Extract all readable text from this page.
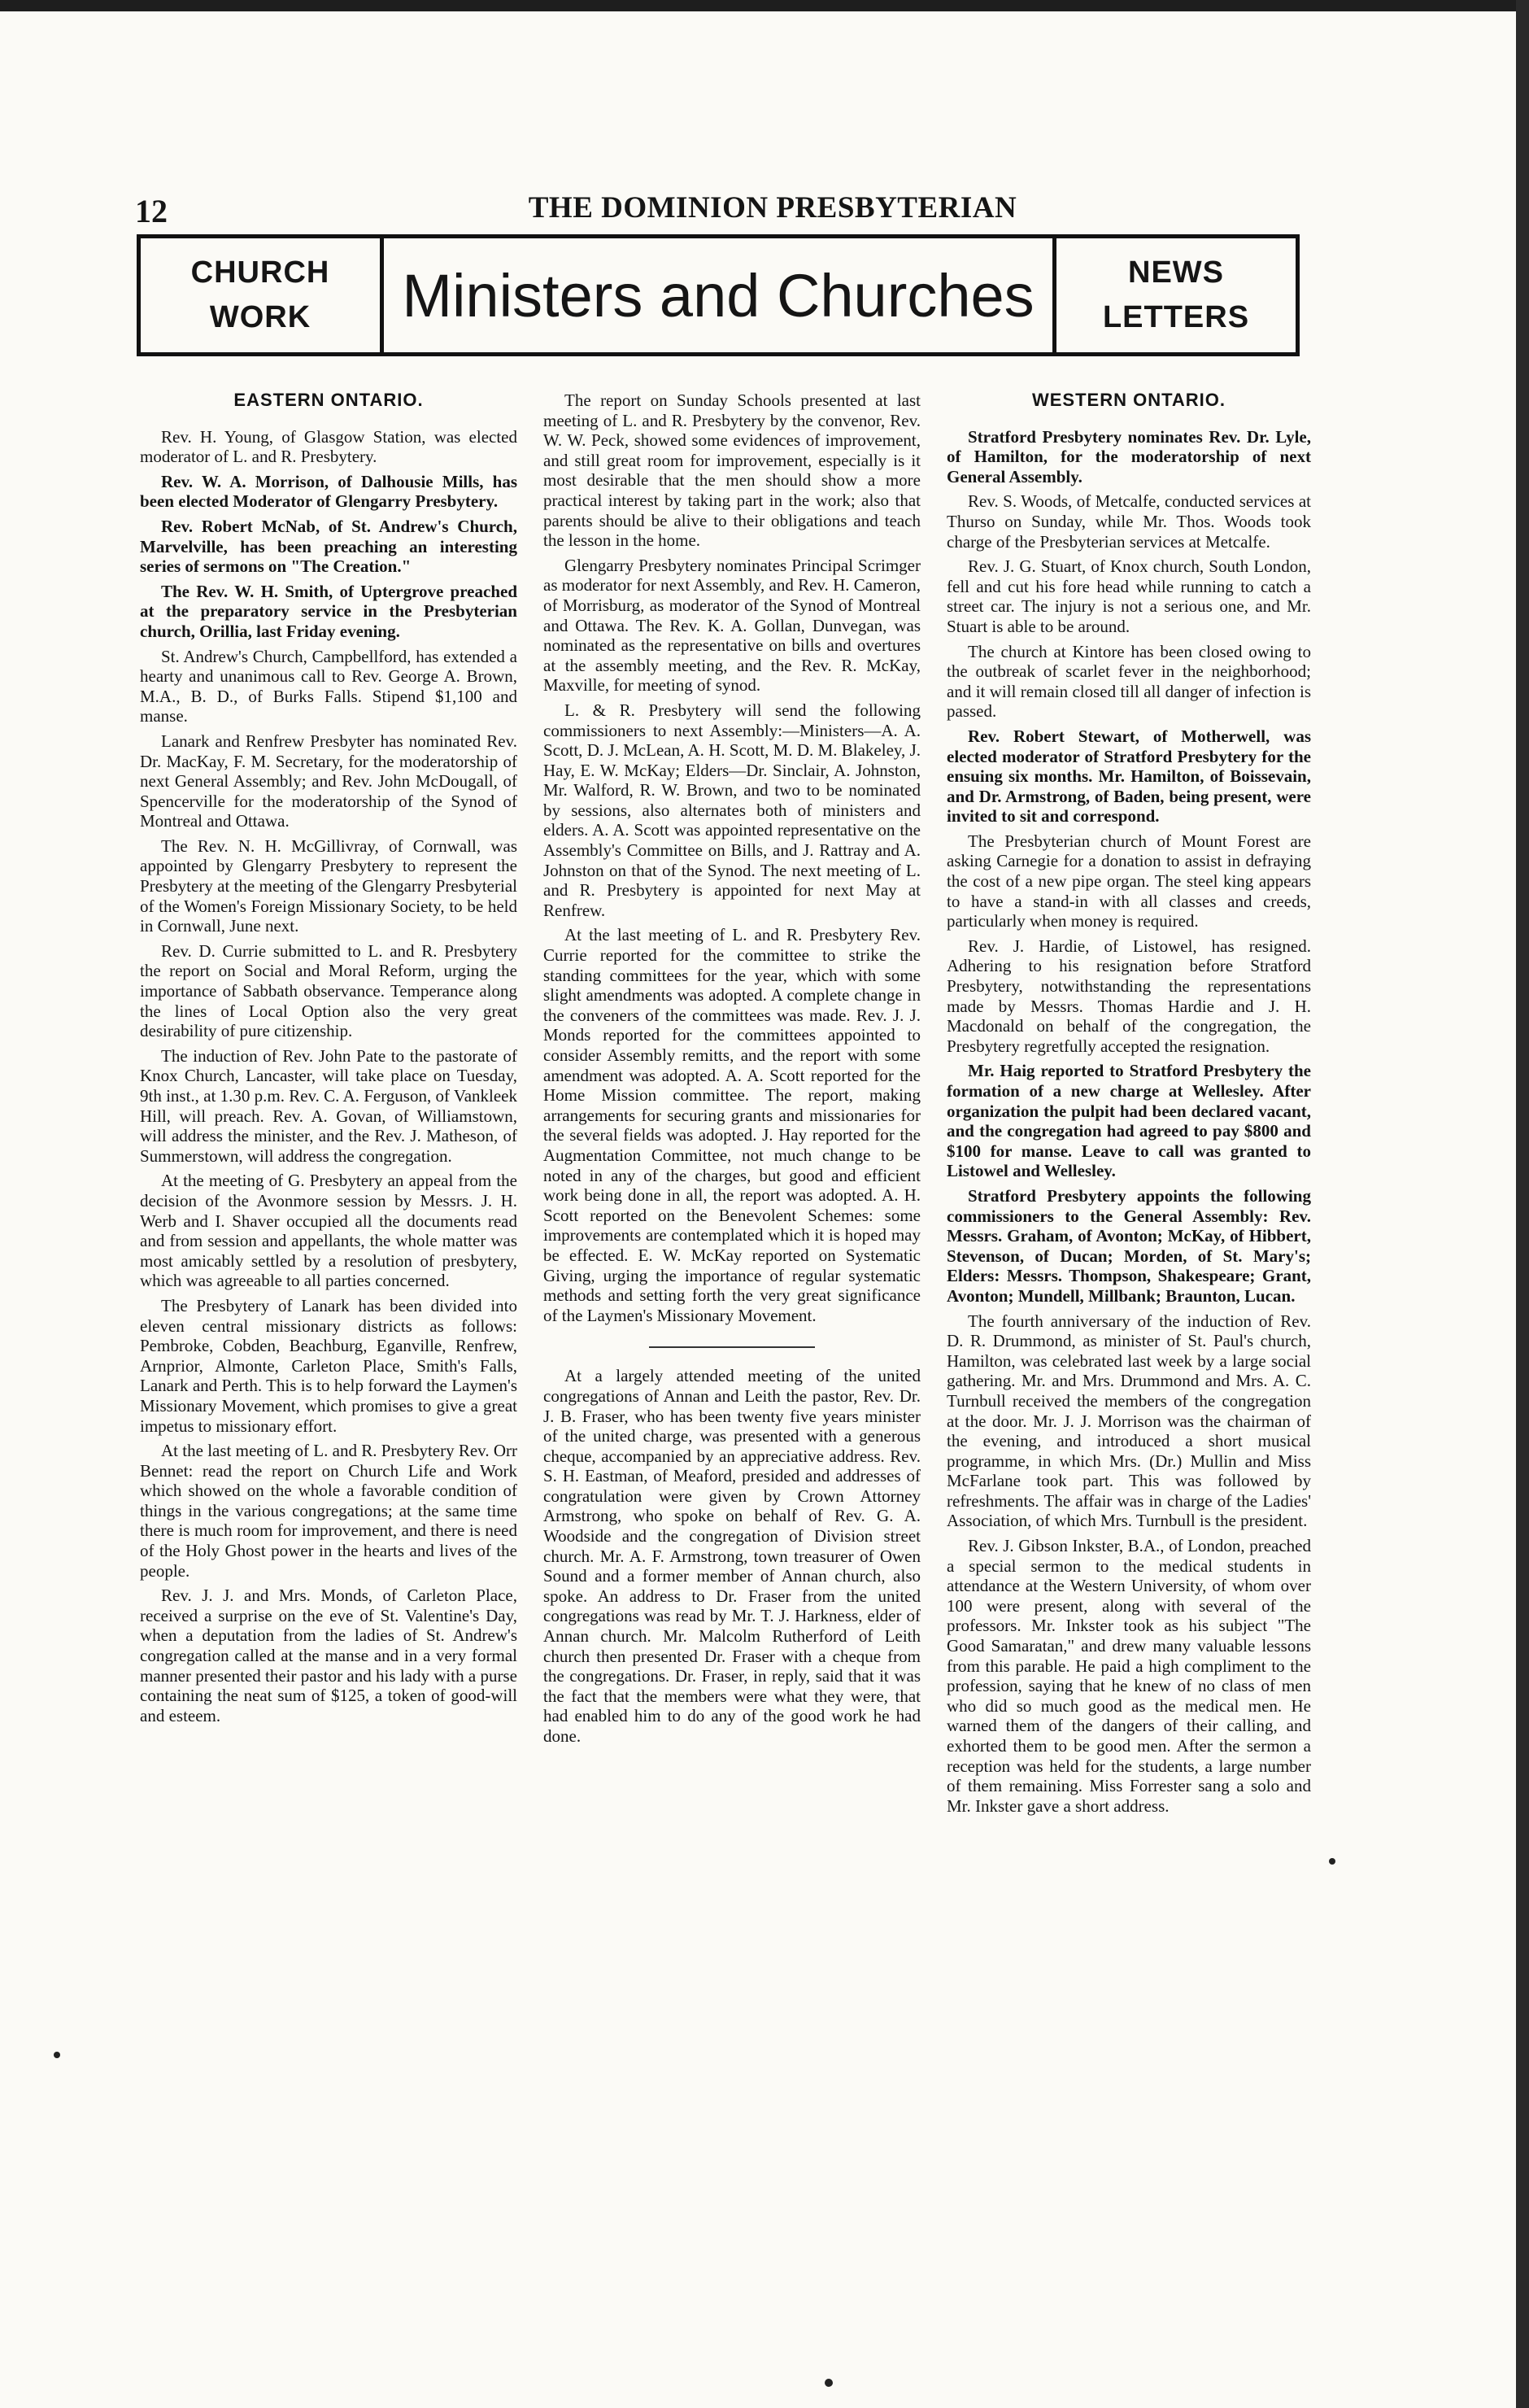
12	THE DOMINION PRESBYTERIAN
CHURCH
WORK	Ministers and Churches	NEWS
LETTERS
EASTERN ONTARIO.

Rev. H. Young, of Glasgow Station, was elected moderator of L. and R. Presbytery.

Rev. W. A. Morrison, of Dalhousie Mills, has been elected Moderator of Glengarry Presbytery.

Rev. Robert McNab, of St. Andrew's Church, Marvelville, has been preaching an interesting series of sermons on "The Creation."

The Rev. W. H. Smith, of Uptergrove preached at the preparatory service in the Presbyterian church, Orillia, last Friday evening.

St. Andrew's Church, Campbellford, has extended a hearty and unanimous call to Rev. George A. Brown, M.A., B. D., of Burks Falls. Stipend $1,100 and manse.

Lanark and Renfrew Presbyter has nominated Rev. Dr. MacKay, F. M. Secretary, for the moderatorship of next General Assembly; and Rev. John McDougall, of Spencerville for the moderatorship of the Synod of Montreal and Ottawa.

The Rev. N. H. McGillivray, of Cornwall, was appointed by Glengarry Presbytery to represent the Presbytery at the meeting of the Glengarry Presbyterial of the Women's Foreign Missionary Society, to be held in Cornwall, June next.

Rev. D. Currie submitted to L. and R. Presbytery the report on Social and Moral Reform, urging the importance of Sabbath observance. Temperance along the lines of Local Option also the very great desirability of pure citizenship.

The induction of Rev. John Pate to the pastorate of Knox Church, Lancaster, will take place on Tuesday, 9th inst., at 1.30 p.m. Rev. C. A. Ferguson, of Vankleek Hill, will preach. Rev. A. Govan, of Williamstown, will address the minister, and the Rev. J. Matheson, of Summerstown, will address the congregation.

At the meeting of G. Presbytery an appeal from the decision of the Avonmore session by Messrs. J. H. Werb and I. Shaver occupied all the documents read and from session and appellants, the whole matter was most amicably settled by a resolution of presbytery, which was agreeable to all parties concerned.

The Presbytery of Lanark has been divided into eleven central missionary districts as follows: Pembroke, Cobden, Beachburg, Eganville, Renfrew, Arnprior, Almonte, Carleton Place, Smith's Falls, Lanark and Perth. This is to help forward the Laymen's Missionary Movement, which promises to give a great impetus to missionary effort.

At the last meeting of L. and R. Presbytery Rev. Orr Bennet: read the report on Church Life and Work which showed on the whole a favorable condition of things in the various congregations; at the same time there is much room for improvement, and there is need of the Holy Ghost power in the hearts and lives of the people.

Rev. J. J. and Mrs. Monds, of Carleton Place, received a surprise on the eve of St. Valentine's Day, when a deputation from the ladies of St. Andrew's congregation called at the manse and in a very formal manner presented their pastor and his lady with a purse containing the neat sum of $125, a token of good-will and esteem.

The report on Sunday Schools presented at last meeting of L. and R. Presbytery by the convenor, Rev. W. W. Peck, showed some evidences of improvement, and still great room for improvement, especially is it most desirable that the men should show a more practical interest by taking part in the work; also that parents should be alive to their obligations and teach the lesson in the home.

Glengarry Presbytery nominates Principal Scrimger as moderator for next Assembly, and Rev. H. Cameron, of Morrisburg, as moderator of the Synod of Montreal and Ottawa. The Rev. K. A. Gollan, Dunvegan, was nominated as the representative on bills and overtures at the assembly meeting, and the Rev. R. McKay, Maxville, for meeting of synod.

L. & R. Presbytery will send the following commissioners to next Assembly:—Ministers—A. A. Scott, D. J. McLean, A. H. Scott, M. D. M. Blakeley, J. Hay, E. W. McKay; Elders—Dr. Sinclair, A. Johnston, Mr. Walford, R. W. Brown, and two to be nominated by sessions, also alternates both of ministers and elders. A. A. Scott was appointed representative on the Assembly's Committee on Bills, and J. Rattray and A. Johnston on that of the Synod. The next meeting of L. and R. Presbytery is appointed for next May at Renfrew.

At the last meeting of L. and R. Presbytery Rev. Currie reported for the committee to strike the standing committees for the year, which with some slight amendments was adopted. A complete change in the conveners of the committees was made. Rev. J. J. Monds reported for the committees appointed to consider Assembly remitts, and the report with some amendment was adopted. A. A. Scott reported for the Home Mission committee. The report, making arrangements for securing grants and missionaries for the several fields was adopted. J. Hay reported for the Augmentation Committee, not much change to be noted in any of the charges, but good and efficient work being done in all, the report was adopted. A. H. Scott reported on the Benevolent Schemes: some improvements are contemplated which it is hoped may be effected. E. W. McKay reported on Systematic Giving, urging the importance of regular systematic methods and setting forth the very great significance of the Laymen's Missionary Movement.

At a largely attended meeting of the united congregations of Annan and Leith the pastor, Rev. Dr. J. B. Fraser, who has been twenty five years minister of the united charge, was presented with a generous cheque, accompanied by an appreciative address. Rev. S. H. Eastman, of Meaford, presided and addresses of congratulation were given by Crown Attorney Armstrong, who spoke on behalf of Rev. G. A. Woodside and the congregation of Division street church. Mr. A. F. Armstrong, town treasurer of Owen Sound and a former member of Annan church, also spoke. An address to Dr. Fraser from the united congregations was read by Mr. T. J. Harkness, elder of Annan church. Mr. Malcolm Rutherford of Leith church then presented Dr. Fraser with a cheque from the congregations. Dr. Fraser, in reply, said that it was the fact that the members were what they were, that had enabled him to do any of the good work he had done.

WESTERN ONTARIO.

Stratford Presbytery nominates Rev. Dr. Lyle, of Hamilton, for the moderatorship of next General Assembly.

Rev. S. Woods, of Metcalfe, conducted services at Thurso on Sunday, while Mr. Thos. Woods took charge of the Presbyterian services at Metcalfe.

Rev. J. G. Stuart, of Knox church, South London, fell and cut his fore head while running to catch a street car. The injury is not a serious one, and Mr. Stuart is able to be around.

The church at Kintore has been closed owing to the outbreak of scarlet fever in the neighborhood; and it will remain closed till all danger of infection is passed.

Rev. Robert Stewart, of Motherwell, was elected moderator of Stratford Presbytery for the ensuing six months. Mr. Hamilton, of Boissevain, and Dr. Armstrong, of Baden, being present, were invited to sit and correspond.

The Presbyterian church of Mount Forest are asking Carnegie for a donation to assist in defraying the cost of a new pipe organ. The steel king appears to have a stand-in with all classes and creeds, particularly when money is required.

Rev. J. Hardie, of Listowel, has resigned. Adhering to his resignation before Stratford Presbytery, notwithstanding the representations made by Messrs. Thomas Hardie and J. H. Macdonald on behalf of the congregation, the Presbytery regretfully accepted the resignation.

Mr. Haig reported to Stratford Presbytery the formation of a new charge at Wellesley. After organization the pulpit had been declared vacant, and the congregation had agreed to pay $800 and $100 for manse. Leave to call was granted to Listowel and Wellesley.

Stratford Presbytery appoints the following commissioners to the General Assembly: Rev. Messrs. Graham, of Avonton; McKay, of Hibbert, Stevenson, of Ducan; Morden, of St. Mary's; Elders: Messrs. Thompson, Shakespeare; Grant, Avonton; Mundell, Millbank; Braunton, Lucan.

The fourth anniversary of the induction of Rev. D. R. Drummond, as minister of St. Paul's church, Hamilton, was celebrated last week by a large social gathering. Mr. and Mrs. Drummond and Mrs. A. C. Turnbull received the members of the congregation at the door. Mr. J. J. Morrison was the chairman of the evening, and introduced a short musical programme, in which Mrs. (Dr.) Mullin and Miss McFarlane took part. This was followed by refreshments. The affair was in charge of the Ladies' Association, of which Mrs. Turnbull is the president.

Rev. J. Gibson Inkster, B.A., of London, preached a special sermon to the medical students in attendance at the Western University, of whom over 100 were present, along with several of the professors. Mr. Inkster took as his subject "The Good Samaratan," and drew many valuable lessons from this parable. He paid a high compliment to the profession, saying that he knew of no class of men who did so much good as the medical men. He warned them of the dangers of their calling, and exhorted them to be good men. After the sermon a reception was held for the students, a large number of them remaining. Miss Forrester sang a solo and Mr. Inkster gave a short address.
